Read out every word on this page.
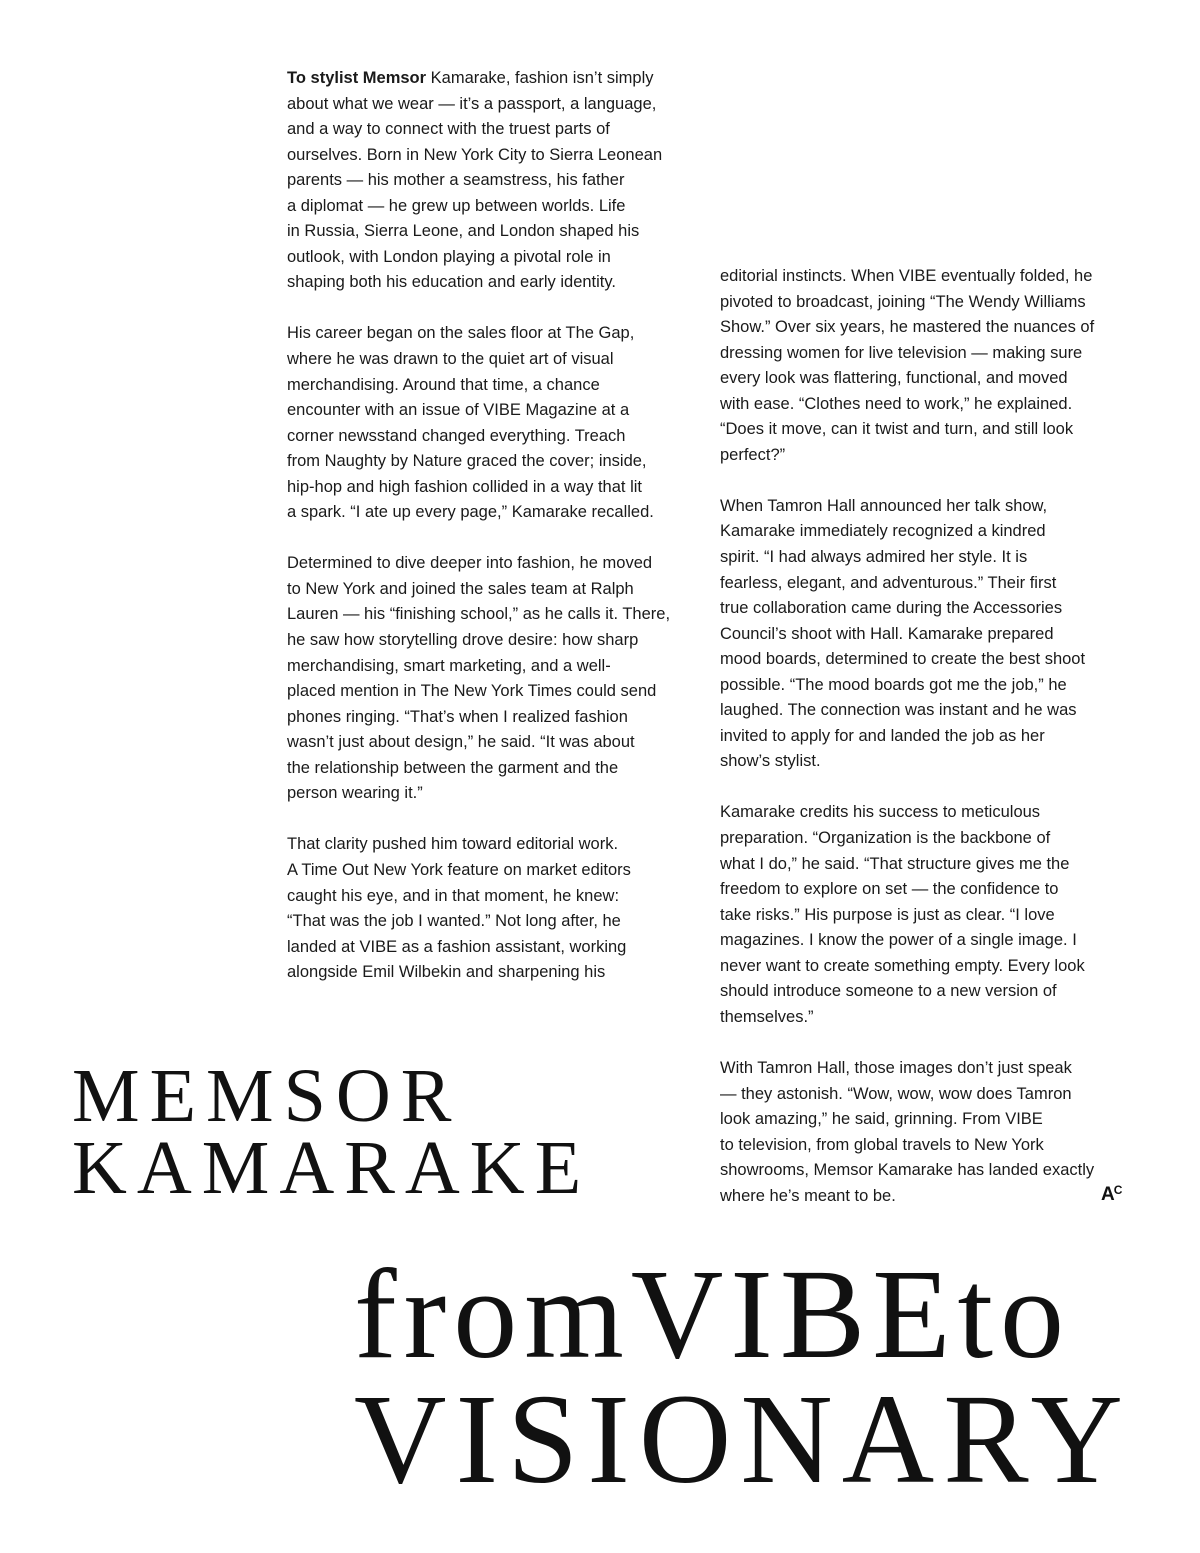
To stylist Memsor Kamarake, fashion isn’t simply
about what we wear — it’s a passport, a language,
and a way to connect with the truest parts of
ourselves. Born in New York City to Sierra Leonean
parents — his mother a seamstress, his father
a diplomat — he grew up between worlds. Life
in Russia, Sierra Leone, and London shaped his
outlook, with London playing a pivotal role in
shaping both his education and early identity.
His career began on the sales floor at The Gap,
where he was drawn to the quiet art of visual
merchandising. Around that time, a chance
encounter with an issue of VIBE Magazine at a
corner newsstand changed everything. Treach
from Naughty by Nature graced the cover; inside,
hip-hop and high fashion collided in a way that lit
a spark. “I ate up every page,” Kamarake recalled.
Determined to dive deeper into fashion, he moved
to New York and joined the sales team at Ralph
Lauren — his “finishing school,” as he calls it. There,
he saw how storytelling drove desire: how sharp
merchandising, smart marketing, and a well-
placed mention in The New York Times could send
phones ringing. “That’s when I realized fashion
wasn’t just about design,” he said. “It was about
the relationship between the garment and the
person wearing it.”
That clarity pushed him toward editorial work.
A Time Out New York feature on market editors
caught his eye, and in that moment, he knew:
“That was the job I wanted.” Not long after, he
landed at VIBE as a fashion assistant, working
alongside Emil Wilbekin and sharpening his
editorial instincts. When VIBE eventually folded, he
pivoted to broadcast, joining “The Wendy Williams
Show.” Over six years, he mastered the nuances of
dressing women for live television — making sure
every look was flattering, functional, and moved
with ease. “Clothes need to work,” he explained.
“Does it move, can it twist and turn, and still look
perfect?”
When Tamron Hall announced her talk show,
Kamarake immediately recognized a kindred
spirit. “I had always admired her style. It is
fearless, elegant, and adventurous.” Their first
true collaboration came during the Accessories
Council’s shoot with Hall. Kamarake prepared
mood boards, determined to create the best shoot
possible. “The mood boards got me the job,” he
laughed. The connection was instant and he was
invited to apply for and landed the job as her
show’s stylist.
Kamarake credits his success to meticulous
preparation. “Organization is the backbone of
what I do,” he said. “That structure gives me the
freedom to explore on set — the confidence to
take risks.” His purpose is just as clear. “I love
magazines. I know the power of a single image. I
never want to create something empty. Every look
should introduce someone to a new version of
themselves.”
With Tamron Hall, those images don’t just speak
— they astonish. “Wow, wow, wow does Tamron
look amazing,” he said, grinning. From VIBE
to television, from global travels to New York
showrooms, Memsor Kamarake has landed exactly
where he’s meant to be.	$A^C$
MEMSOR
KAMARAKE
fromVIBEto
VISIONARY
